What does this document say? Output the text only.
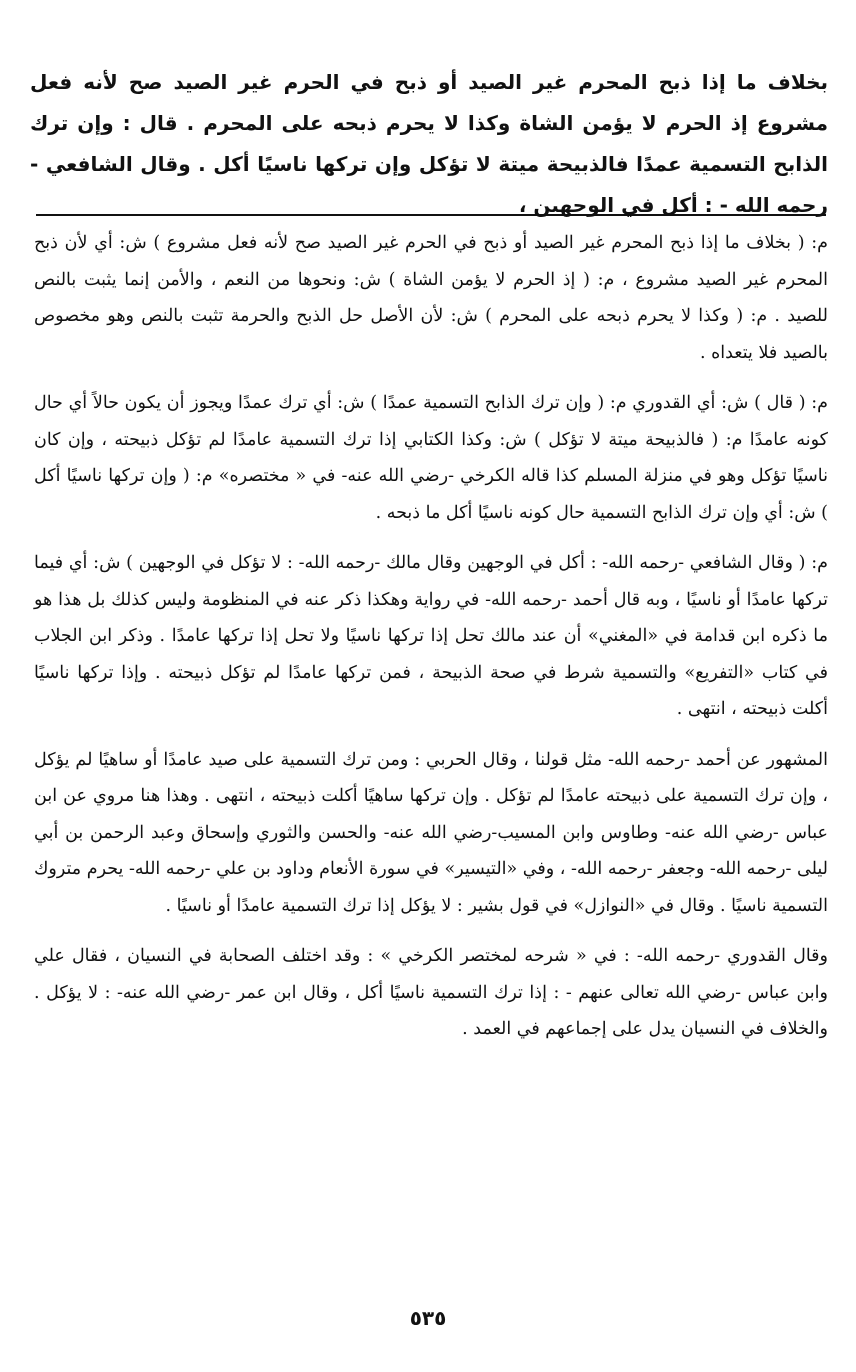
بخلاف ما إذا ذبح المحرم غير الصيد أو ذبح في الحرم غير الصيد صح لأنه فعل مشروع إذ الحرم لا يؤمن الشاة وكذا لا يحرم ذبحه على المحرم . قال : وإن ترك الذابح التسمية عمدًا فالذبيحة ميتة لا تؤكل وإن تركها ناسيًا أكل . وقال الشافعي - رحمه الله - : أكل في الوجهين ،

م: ( بخلاف ما إذا ذبح المحرم غير الصيد أو ذبح في الحرم غير الصيد صح لأنه فعل مشروع ) ش: أي لأن ذبح المحرم غير الصيد مشروع ، م: ( إذ الحرم لا يؤمن الشاة ) ش: ونحوها من النعم ، والأمن إنما يثبت بالنص للصيد . م: ( وكذا لا يحرم ذبحه على المحرم ) ش: لأن الأصل حل الذبح والحرمة تثبت بالنص وهو مخصوص بالصيد فلا يتعداه .

م: ( قال ) ش: أي القدوري م: ( وإن ترك الذابح التسمية عمدًا ) ش: أي ترك عمدًا ويجوز أن يكون حالاً أي حال كونه عامدًا م: ( فالذبيحة ميتة لا تؤكل ) ش: وكذا الكتابي إذا ترك التسمية عامدًا لم تؤكل ذبيحته ، وإن كان ناسيًا تؤكل وهو في منزلة المسلم كذا قاله الكرخي -رضي الله عنه- في « مختصره» م: ( وإن تركها ناسيًا أكل ) ش: أي وإن ترك الذابح التسمية حال كونه ناسيًا أكل ما ذبحه .

م: ( وقال الشافعي -رحمه الله- : أكل في الوجهين وقال مالك -رحمه الله- : لا تؤكل في الوجهين ) ش: أي فيما تركها عامدًا أو ناسيًا ، وبه قال أحمد -رحمه الله- في رواية وهكذا ذكر عنه في المنظومة وليس كذلك بل هذا هو ما ذكره ابن قدامة في «المغني» أن عند مالك تحل إذا تركها ناسيًا ولا تحل إذا تركها عامدًا . وذكر ابن الجلاب في كتاب «التفريع» والتسمية شرط في صحة الذبيحة ، فمن تركها عامدًا لم تؤكل ذبيحته . وإذا تركها ناسيًا أكلت ذبيحته ، انتهى .

المشهور عن أحمد -رحمه الله- مثل قولنا ، وقال الحربي : ومن ترك التسمية على صيد عامدًا أو ساهيًا لم يؤكل ، وإن ترك التسمية على ذبيحته عامدًا لم تؤكل . وإن تركها ساهيًا أكلت ذبيحته ، انتهى . وهذا هنا مروي عن ابن عباس -رضي الله عنه- وطاوس وابن المسيب-رضي الله عنه- والحسن والثوري وإسحاق وعبد الرحمن بن أبي ليلى -رحمه الله- وجعفر -رحمه الله- ، وفي «التيسير» في سورة الأنعام وداود بن علي -رحمه الله- يحرم متروك التسمية ناسيًا . وقال في «النوازل» في قول بشير : لا يؤكل إذا ترك التسمية عامدًا أو ناسيًا .

وقال القدوري -رحمه الله- : في « شرحه لمختصر الكرخي » : وقد اختلف الصحابة في النسيان ، فقال علي وابن عباس -رضي الله تعالى عنهم - : إذا ترك التسمية ناسيًا أكل ، وقال ابن عمر -رضي الله عنه- : لا يؤكل . والخلاف في النسيان يدل على إجماعهم في العمد .

٥٣٥
